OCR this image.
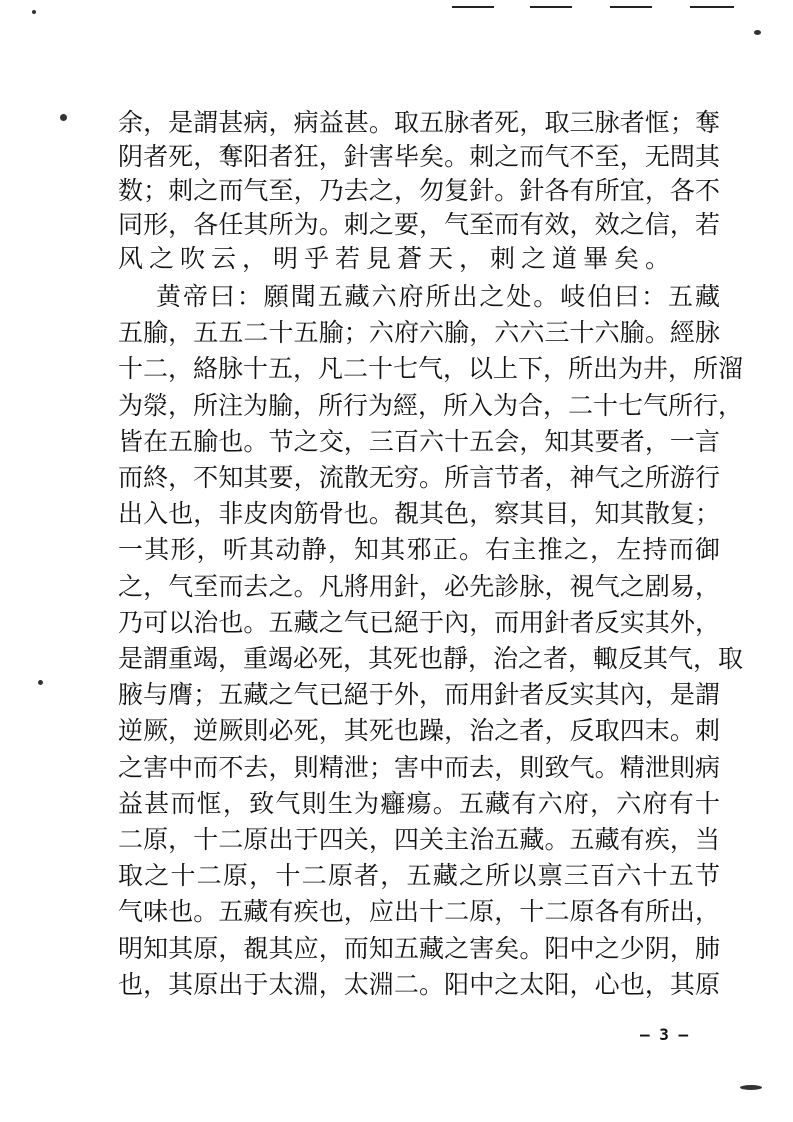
余，是謂甚病，病益甚。取五脉者死，取三脉者恇；奪
阴者死，奪阳者狂，針害毕矣。刺之而气不至，无問其
数；刺之而气至，乃去之，勿复針。針各有所宜，各不
同形，各任其所为。刺之要，气至而有效，效之信，若
风之吹云，明乎若見蒼天，刺之道畢矣。
黄帝曰：願聞五藏六府所出之处。岐伯曰：五藏
五腧，五五二十五腧；六府六腧，六六三十六腧。經脉
十二，絡脉十五，凡二十七气，以上下，所出为井，所溜
为滎，所注为腧，所行为經，所入为合，二十七气所行，
皆在五腧也。节之交，三百六十五会，知其要者，一言
而終，不知其要，流散无穷。所言节者，神气之所游行
出入也，非皮肉筋骨也。覩其色，察其目，知其散复；
一其形，听其动静，知其邪正。右主推之，左持而御
之，气至而去之。凡將用針，必先診脉，視气之剧易，
乃可以治也。五藏之气已絕于內，而用針者反实其外，
是謂重竭，重竭必死，其死也靜，治之者，輙反其气，取
腋与膺；五藏之气已絕于外，而用針者反实其內，是謂
逆厥，逆厥則必死，其死也躁，治之者，反取四末。刺
之害中而不去，則精泄；害中而去，則致气。精泄則病
益甚而恇，致气則生为癰瘍。五藏有六府，六府有十
二原，十二原出于四关，四关主治五藏。五藏有疾，当
取之十二原，十二原者，五藏之所以禀三百六十五节
气味也。五藏有疾也，应出十二原，十二原各有所出，
明知其原，覩其应，而知五藏之害矣。阳中之少阴，肺
也，其原出于太淵，太淵二。阳中之太阳，心也，其原
— 3 —
